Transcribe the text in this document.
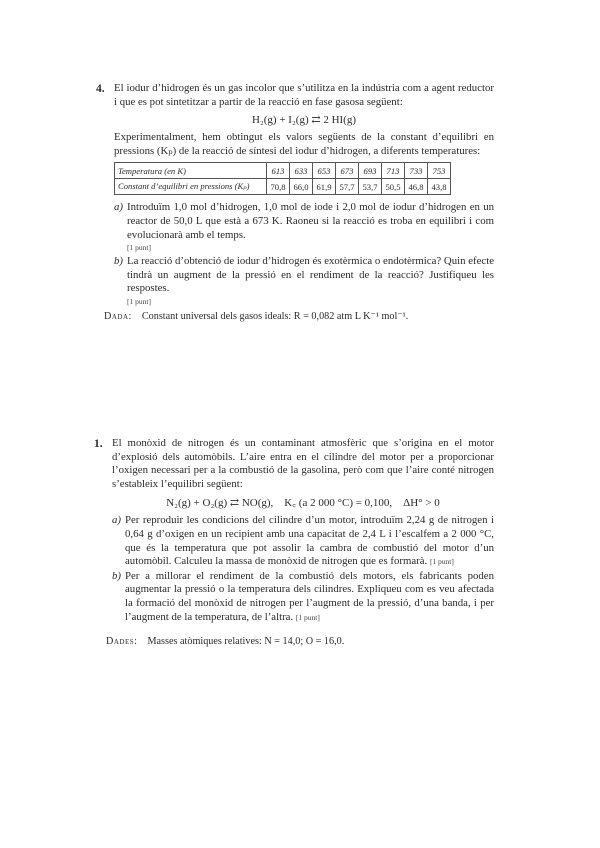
4. El iodur d’hidrogen és un gas incolor que s’utilitza en la indústria com a agent reductor i que es pot sintetitzar a partir de la reacció en fase gasosa següent:
H₂(g) + I₂(g) ⇄ 2 HI(g)
Experimentalment, hem obtingut els valors següents de la constant d’equilibri en pressions (Kₚ) de la reacció de síntesi del iodur d’hidrogen, a diferents temperatures:
Temperatura (en K)	613	633	653	673	693	713	733	753
Constant d’equilibri en pressions (Kₚ)	70,8	66,0	61,9	57,7	53,7	50,5	46,8	43,8
a) Introduïm 1,0 mol d’hidrogen, 1,0 mol de iode i 2,0 mol de iodur d’hidrogen en un reactor de 50,0 L que està a 673 K. Raoneu si la reacció es troba en equilibri i com evolucionarà amb el temps.
[1 punt]
b) La reacció d’obtenció de iodur d’hidrogen és exotèrmica o endotèrmica? Quin efecte tindrà un augment de la pressió en el rendiment de la reacció? Justifiqueu les respostes.
[1 punt]
Dada: Constant universal dels gasos ideals: R = 0,082 atm L K⁻¹ mol⁻¹.
1. El monòxid de nitrogen és un contaminant atmosfèric que s’origina en el motor d’explosió dels automòbils. L’aire entra en el cilindre del motor per a proporcionar l’oxigen necessari per a la combustió de la gasolina, però com que l’aire conté nitrogen s’estableix l’equilibri següent:
N₂(g) + O₂(g) ⇄ NO(g),    K꜀ (a 2 000 °C) = 0,100,    ΔH° > 0
a) Per reproduir les condicions del cilindre d’un motor, introduïm 2,24 g de nitrogen i 0,64 g d’oxigen en un recipient amb una capacitat de 2,4 L i l’escalfem a 2 000 °C, que és la temperatura que pot assolir la cambra de combustió del motor d’un automòbil. Calculeu la massa de monòxid de nitrogen que es formarà. [1 punt]
b) Per a millorar el rendiment de la combustió dels motors, els fabricants poden augmentar la pressió o la temperatura dels cilindres. Expliqueu com es veu afectada la formació del monòxid de nitrogen per l’augment de la pressió, d’una banda, i per l’augment de la temperatura, de l’altra. [1 punt]
Dades: Masses atòmiques relatives: N = 14,0; O = 16,0.
